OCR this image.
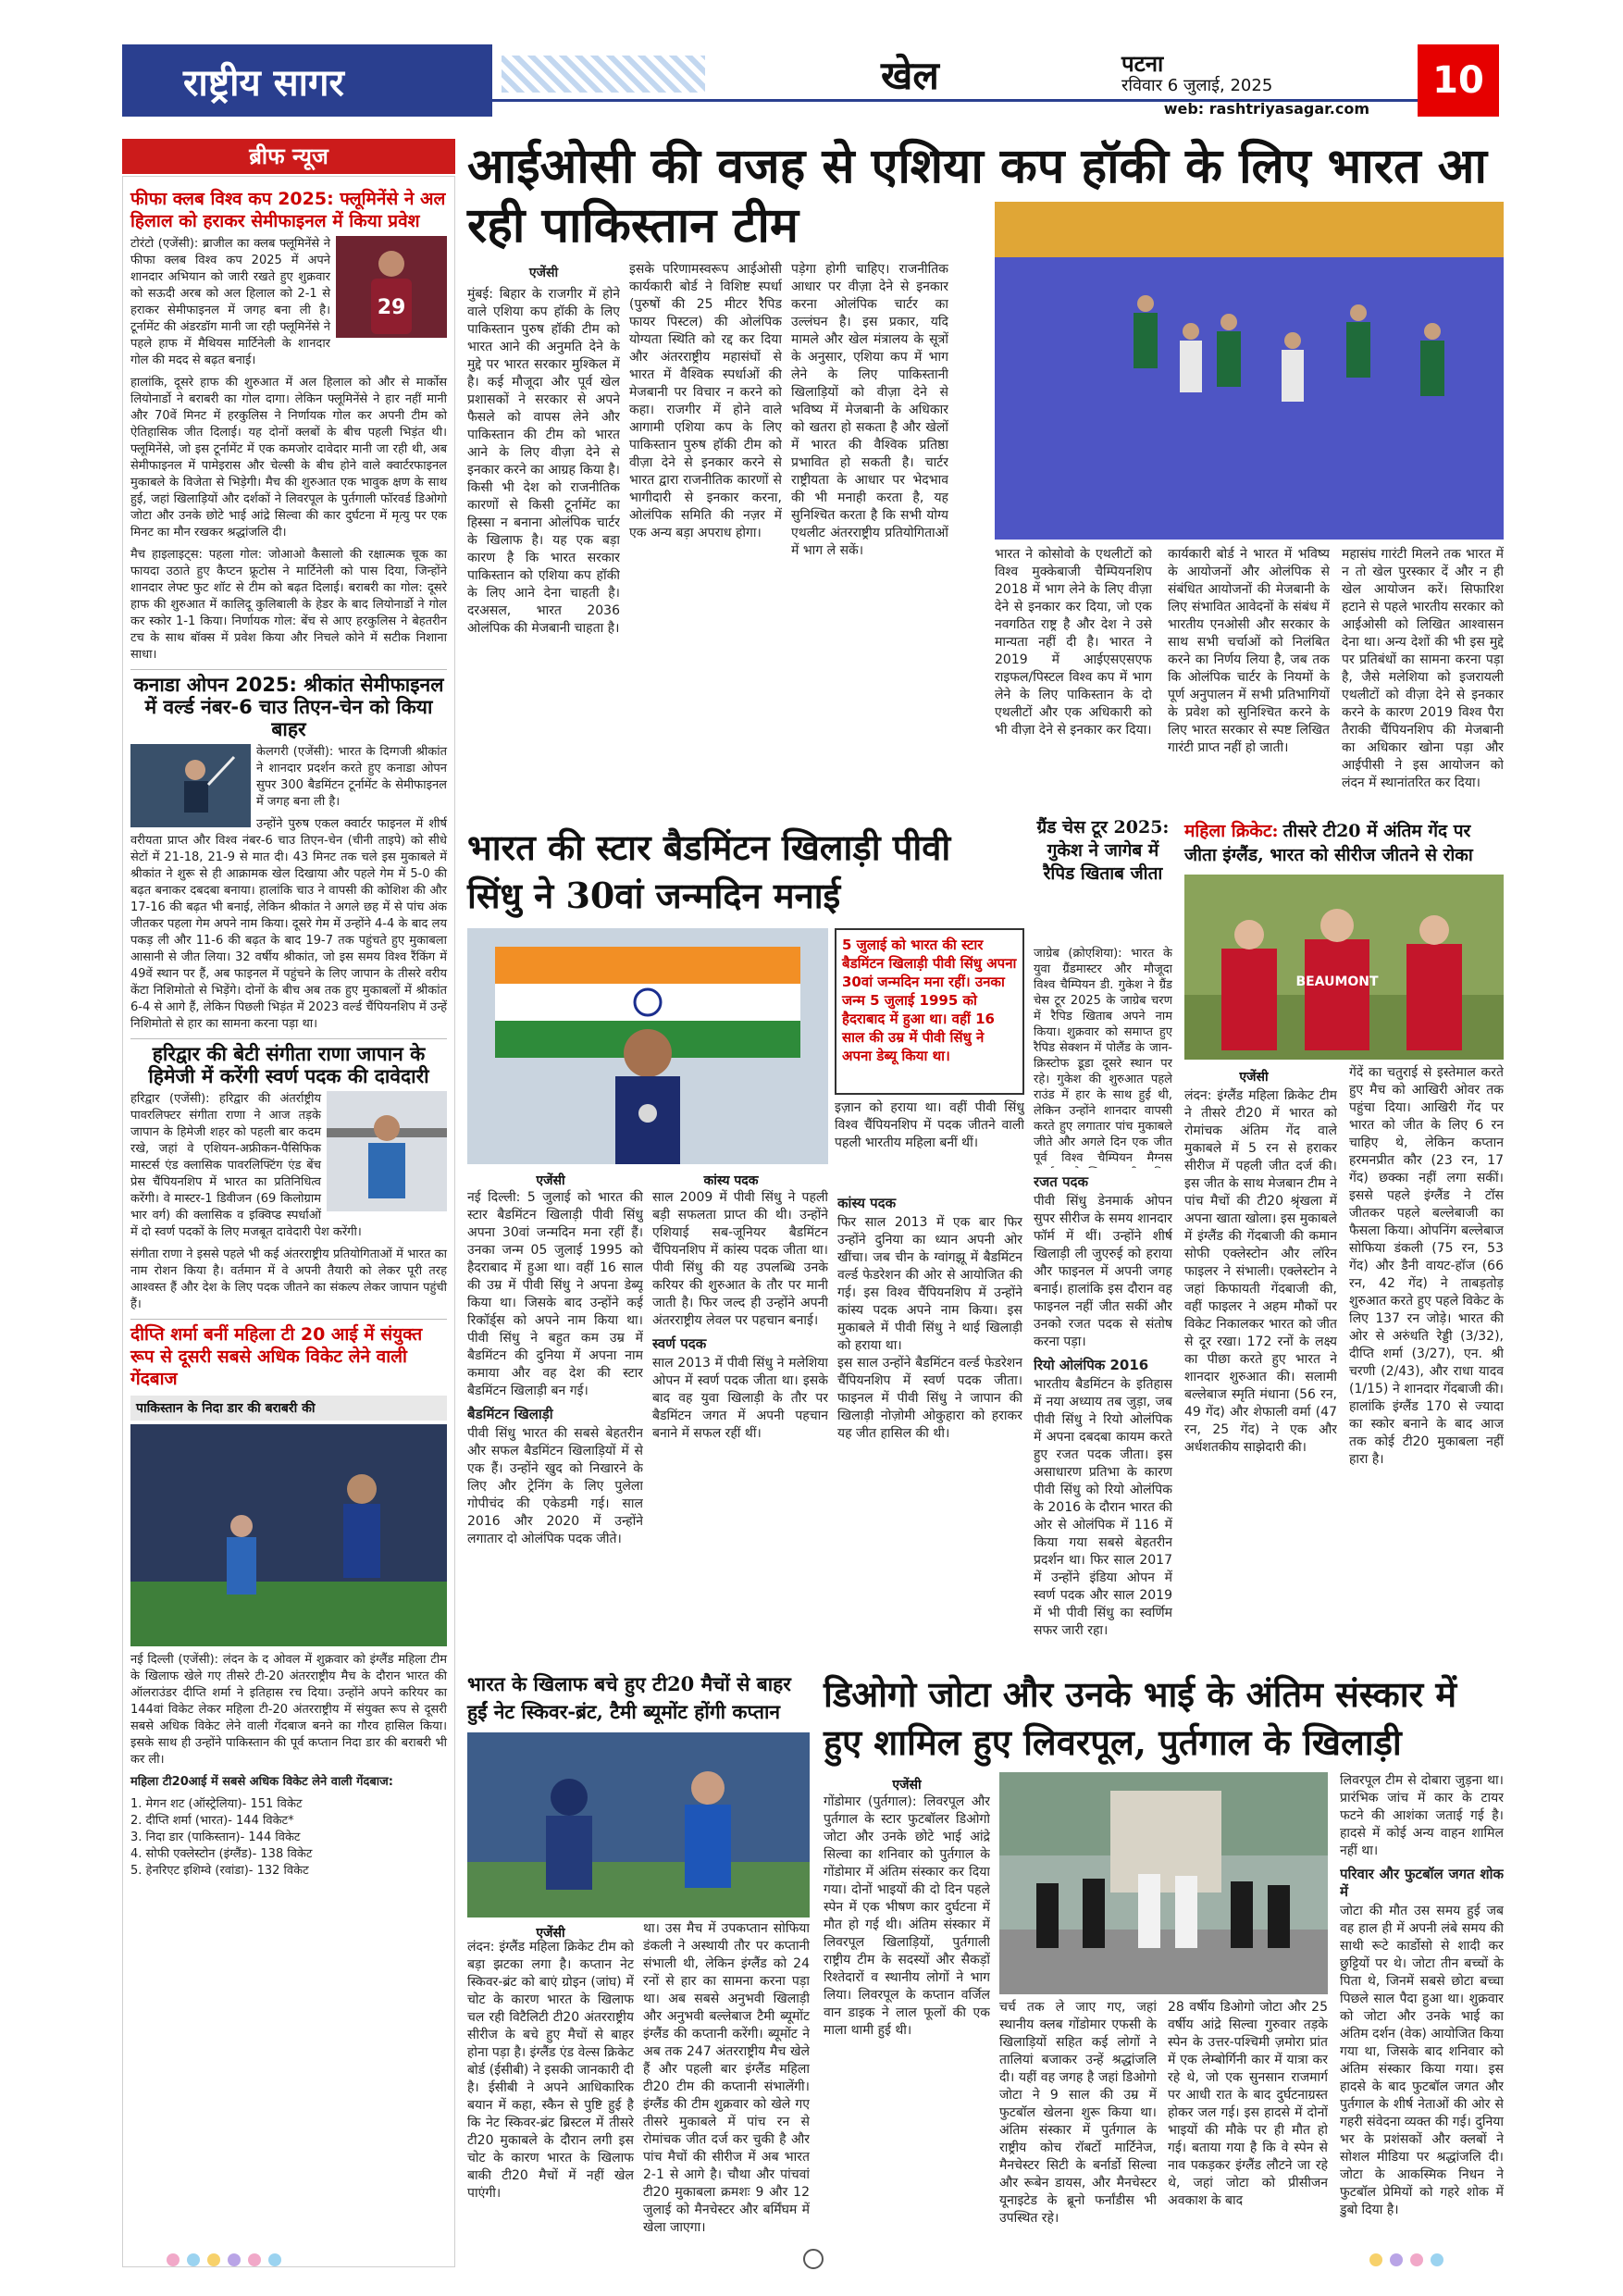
राष्ट्रीय सागर	खेल	पटना
रविवार 6 जुलाई, 2025	10
web: rashtriyasagar.com
ब्रीफ न्यूज
फीफा क्लब विश्व कप 2025: फ्लूमिनेंसे ने अल हिलाल को हराकर सेमीफाइनल में किया प्रवेश
29

टोरंटो (एजेंसी): ब्राजील का क्लब फ्लूमिनेंसे ने फीफा क्लब विश्व कप 2025 में अपने शानदार अभियान को जारी रखते हुए शुक्रवार को सऊदी अरब को अल हिलाल को 2-1 से हराकर सेमीफाइनल में जगह बना ली है। टूर्नामेंट की अंडरडॉग मानी जा रही फ्लूमिनेंसे ने पहले हाफ में मैथियस मार्टिनेली के शानदार गोल की मदद से बढ़त बनाई।

हालांकि, दूसरे हाफ की शुरुआत में अल हिलाल को और से मार्कोस लियोनार्डो ने बराबरी का गोल दागा। लेकिन फ्लूमिनेंसे ने हार नहीं मानी और 70वें मिनट में हरकुलिस ने निर्णायक गोल कर अपनी टीम को ऐतिहासिक जीत दिलाई। यह दोनों क्लबों के बीच पहली भिड़ंत थी। फ्लूमिनेंसे, जो इस टूर्नामेंट में एक कमजोर दावेदार मानी जा रही थी, अब सेमीफाइनल में पामेइरास और चेल्सी के बीच होने वाले क्वार्टरफाइनल मुकाबले के विजेता से भिड़ेगी। मैच की शुरुआत एक भावुक क्षण के साथ हुई, जहां खिलाड़ियों और दर्शकों ने लिवरपूल के पुर्तगाली फॉरवर्ड डिओगो जोटा और उनके छोटे भाई आंद्रे सिल्वा की कार दुर्घटना में मृत्यु पर एक मिनट का मौन रखकर श्रद्धांजलि दी।

मैच हाइलाइट्स: पहला गोल: जोआओ कैसालो की रक्षात्मक चूक का फायदा उठाते हुए कैप्टन फ्रूटोस ने मार्टिनेली को पास दिया, जिन्होंने शानदार लेफ्ट फुट शॉट से टीम को बढ़त दिलाई। बराबरी का गोल: दूसरे हाफ की शुरुआत में कालिदू कुलिबाली के हेडर के बाद लियोनार्डो ने गोल कर स्कोर 1-1 किया। निर्णायक गोल: बेंच से आए हरकुलिस ने बेहतरीन टच के साथ बॉक्स में प्रवेश किया और निचले कोने में सटीक निशाना साधा।

कनाडा ओपन 2025: श्रीकांत सेमीफाइनल में वर्ल्ड नंबर-6 चाउ तिएन-चेन को किया बाहर

केलगरी (एजेंसी): भारत के दिग्गजी श्रीकांत ने शानदार प्रदर्शन करते हुए कनाडा ओपन सुपर 300 बैडमिंटन टूर्नामेंट के सेमीफाइनल में जगह बना ली है।

उन्होंने पुरुष एकल क्वार्टर फाइनल में शीर्ष वरीयता प्राप्त और विश्व नंबर-6 चाउ तिएन-चेन (चीनी ताइपे) को सीधे सेटों में 21-18, 21-9 से मात दी। 43 मिनट तक चले इस मुकाबले में श्रीकांत ने शुरू से ही आक्रामक खेल दिखाया और पहले गेम में 5-0 की बढ़त बनाकर दबदबा बनाया। हालांकि चाउ ने वापसी की कोशिश की और 17-16 की बढ़त भी बनाई, लेकिन श्रीकांत ने अगले छह में से पांच अंक जीतकर पहला गेम अपने नाम किया। दूसरे गेम में उन्होंने 4-4 के बाद लय पकड़ ली और 11-6 की बढ़त के बाद 19-7 तक पहुंचते हुए मुकाबला आसानी से जीत लिया। 32 वर्षीय श्रीकांत, जो इस समय विश्व रैंकिंग में 49वें स्थान पर हैं, अब फाइनल में पहुंचने के लिए जापान के तीसरे वरीय केंटा निशिमोतो से भिड़ेंगे। दोनों के बीच अब तक हुए मुकाबलों में श्रीकांत 6-4 से आगे हैं, लेकिन पिछली भिड़ंत में 2023 वर्ल्ड चैंपियनशिप में उन्हें निशिमोतो से हार का सामना करना पड़ा था।

हरिद्वार की बेटी संगीता राणा जापान के हिमेजी में करेंगी स्वर्ण पदक की दावेदारी

हरिद्वार (एजेंसी): हरिद्वार की अंतर्राष्ट्रीय पावरलिफ्टर संगीता राणा ने आज तड़के जापान के हिमेजी शहर को पहली बार कदम रखे, जहां वे एशियन-अफ्रीकन-पैसिफिक मास्टर्स एंड क्लासिक पावरलिफ्टिंग एंड बेंच प्रेस चैंपियनशिप में भारत का प्रतिनिधित्व करेंगी। वे मास्टर-1 डिवीजन (69 किलोग्राम भार वर्ग) की क्लासिक व इक्विप्ड स्पर्धाओं में दो स्वर्ण पदकों के लिए मजबूत दावेदारी पेश करेंगी।

संगीता राणा ने इससे पहले भी कई अंतरराष्ट्रीय प्रतियोगिताओं में भारत का नाम रोशन किया है। वर्तमान में वे अपनी तैयारी को लेकर पूरी तरह आश्वस्त हैं और देश के लिए पदक जीतने का संकल्प लेकर जापान पहुंची हैं।

दीप्ति शर्मा बनीं महिला टी 20 आई में संयुक्त रूप से दूसरी सबसे अधिक विकेट लेने वाली गेंदबाज
पाकिस्तान के निदा डार की बराबरी की

नई दिल्ली (एजेंसी): लंदन के द ओवल में शुक्रवार को इंग्लैंड महिला टीम के खिलाफ खेले गए तीसरे टी-20 अंतरराष्ट्रीय मैच के दौरान भारत की ऑलराउंडर दीप्ति शर्मा ने इतिहास रच दिया। उन्होंने अपने करियर का 144वां विकेट लेकर महिला टी-20 अंतरराष्ट्रीय में संयुक्त रूप से दूसरी सबसे अधिक विकेट लेने वाली गेंदबाज बनने का गौरव हासिल किया। इसके साथ ही उन्होंने पाकिस्तान की पूर्व कप्तान निदा डार की बराबरी भी कर ली।

महिला टी20आई में सबसे अधिक विकेट लेने वाली गेंदबाज:

1. मेगन शट (ऑस्ट्रेलिया)- 151 विकेट
2. दीप्ति शर्मा (भारत)- 144 विकेट*
3. निदा डार (पाकिस्तान)- 144 विकेट
4. सोफी एक्लेस्टोन (इंग्लैंड)- 138 विकेट
5. हेनरिएट इशिम्वे (रवांडा)- 132 विकेट
आईओसी की वजह से एशिया कप हॉकी के लिए भारत आ रही पाकिस्तान टीम
एजेंसी
मुंबई: बिहार के राजगीर में होने वाले एशिया कप हॉकी के लिए पाकिस्तान पुरुष हॉकी टीम को भारत आने की अनुमति देने के मुद्दे पर भारत सरकार मुश्किल में है। कई मौजूदा और पूर्व खेल प्रशासकों ने सरकार से अपने फैसले को वापस लेने और पाकिस्तान की टीम को भारत आने के लिए वीज़ा देने से इनकार करने का आग्रह किया है। किसी भी देश को राजनीतिक कारणों से किसी टूर्नामेंट का हिस्सा न बनाना ओलंपिक चार्टर के खिलाफ है। यह एक बड़ा कारण है कि भारत सरकार पाकिस्तान को एशिया कप हॉकी के लिए आने देना चाहती है। दरअसल, भारत 2036 ओलंपिक की मेजबानी चाहता है।
इसके परिणामस्वरूप आईओसी कार्यकारी बोर्ड ने विशिष्ट स्पर्धा (पुरुषों की 25 मीटर रैपिड फायर पिस्टल) की ओलंपिक योग्यता स्थिति को रद्द कर दिया और अंतरराष्ट्रीय महासंघों से भारत में वैश्विक स्पर्धाओं की मेजबानी पर विचार न करने को कहा। राजगीर में होने वाले आगामी एशिया कप के लिए पाकिस्तान पुरुष हॉकी टीम को वीज़ा देने से इनकार करने से भारत द्वारा राजनीतिक कारणों से भागीदारी से इनकार करना, ओलंपिक समिति की नज़र में एक अन्य बड़ा अपराध होगा।
पड़ेगा होगी चाहिए। राजनीतिक आधार पर वीज़ा देने से इनकार करना ओलंपिक चार्टर का उल्लंघन है। इस प्रकार, यदि मामले और खेल मंत्रालय के सूत्रों के अनुसार, एशिया कप में भाग लेने के लिए पाकिस्तानी खिलाड़ियों को वीज़ा देने से भविष्य में मेजबानी के अधिकार को खतरा हो सकता है और खेलों में भारत की वैश्विक प्रतिष्ठा प्रभावित हो सकती है। चार्टर राष्ट्रीयता के आधार पर भेदभाव की भी मनाही करता है, यह सुनिश्चित करता है कि सभी योग्य एथलीट अंतरराष्ट्रीय प्रतियोगिताओं में भाग ले सकें।	भारत ने कोसोवो के एथलीटों को विश्व मुक्केबाजी चैम्पियनशिप 2018 में भाग लेने के लिए वीज़ा देने से इनकार कर दिया, जो एक नवगठित राष्ट्र है और देश ने उसे मान्यता नहीं दी है। भारत ने 2019 में आईएसएसएफ राइफल/पिस्टल विश्व कप में भाग लेने के लिए पाकिस्तान के दो एथलीटों और एक अधिकारी को भी वीज़ा देने से इनकार कर दिया।
कार्यकारी बोर्ड ने भारत में भविष्य के आयोजनों और ओलंपिक से संबंधित आयोजनों की मेजबानी के लिए संभावित आवेदनों के संबंध में भारतीय एनओसी और सरकार के साथ सभी चर्चाओं को निलंबित करने का निर्णय लिया है, जब तक कि ओलंपिक चार्टर के नियमों के पूर्ण अनुपालन में सभी प्रतिभागियों के प्रवेश को सुनिश्चित करने के लिए भारत सरकार से स्पष्ट लिखित गारंटी प्राप्त नहीं हो जाती।
महासंघ गारंटी मिलने तक भारत में न तो खेल पुरस्कार दें और न ही खेल आयोजन करें। सिफारिश हटाने से पहले भारतीय सरकार को आईओसी को लिखित आश्वासन देना था। अन्य देशों की भी इस मुद्दे पर प्रतिबंधों का सामना करना पड़ा है, जैसे मलेशिया को इजरायली एथलीटों को वीज़ा देने से इनकार करने के कारण 2019 विश्व पैरा तैराकी चैंपियनशिप की मेजबानी का अधिकार खोना पड़ा और आईपीसी ने इस आयोजन को लंदन में स्थानांतरित कर दिया।
भारत की स्टार बैडमिंटन खिलाड़ी पीवी सिंधु ने 30वां जन्मदिन मनाई
5 जुलाई को भारत की स्टार बैडमिंटन खिलाड़ी पीवी सिंधु अपना 30वां जन्मदिन मना रहीं। उनका जन्म 5 जुलाई 1995 को हैदराबाद में हुआ था। वहीं 16 साल की उम्र में पीवी सिंधु ने अपना डेब्यू किया था।
इज़ान को हराया था। वहीं पीवी सिंधु विश्व चैंपियनशिप में पदक जीतने वाली पहली भारतीय महिला बनीं थीं।
एजेंसी	कांस्य पदक
नई दिल्ली: 5 जुलाई को भारत की स्टार बैडमिंटन खिलाड़ी पीवी सिंधु अपना 30वां जन्मदिन मना रहीं हैं। उनका जन्म 05 जुलाई 1995 को हैदराबाद में हुआ था। वहीं 16 साल की उम्र में पीवी सिंधु ने अपना डेब्यू किया था। जिसके बाद उन्होंने कई रिकॉर्ड्स को अपने नाम किया था। पीवी सिंधु ने बहुत कम उम्र में बैडमिंटन की दुनिया में अपना नाम कमाया और वह देश की स्टार बैडमिंटन खिलाड़ी बन गई।
बैडमिंटन खिलाड़ी
पीवी सिंधु भारत की सबसे बेहतरीन और सफल बैडमिंटन खिलाड़ियों में से एक हैं। उन्होंने खुद को निखारने के लिए और ट्रेनिंग के लिए पुलेला गोपीचंद की एकेडमी गई। साल 2016 और 2020 में उन्होंने लगातार दो ओलंपिक पदक जीते।
साल 2009 में पीवी सिंधु ने पहली बड़ी सफलता प्राप्त की थी। उन्होंने एशियाई सब-जूनियर बैडमिंटन चैंपियनशिप में कांस्य पदक जीता था। पीवी सिंधु की यह उपलब्धि उनके करियर की शुरुआत के तौर पर मानी जाती है। फिर जल्द ही उन्होंने अपनी अंतरराष्ट्रीय लेवल पर पहचान बनाई।
स्वर्ण पदक
साल 2013 में पीवी सिंधु ने मलेशिया ओपन में स्वर्ण पदक जीता था। इसके बाद वह युवा खिलाड़ी के तौर पर बैडमिंटन जगत में अपनी पहचान बनाने में सफल रहीं थीं।
कांस्य पदक
फिर साल 2013 में एक बार फिर उन्होंने दुनिया का ध्यान अपनी ओर खींचा। जब चीन के ग्वांगझू में बैडमिंटन वर्ल्ड फेडरेशन की ओर से आयोजित की गई। इस विश्व चैंपियनशिप में उन्होंने कांस्य पदक अपने नाम किया। इस मुकाबले में पीवी सिंधु ने थाई खिलाड़ी को हराया था।
इस साल उन्होंने बैडमिंटन वर्ल्ड फेडरेशन चैंपियनशिप में स्वर्ण पदक जीता। फाइनल में पीवी सिंधु ने जापान की खिलाड़ी नोज़ोमी ओकुहारा को हराकर यह जीत हासिल की थी।
रजत पदक
पीवी सिंधु डेनमार्क ओपन सुपर सीरीज के समय शानदार फॉर्म में थीं। उन्होंने शीर्ष खिलाड़ी ली जुएरुई को हराया और फाइनल में अपनी जगह बनाई। हालांकि इस दौरान वह फाइनल नहीं जीत सकीं और उनको रजत पदक से संतोष करना पड़ा।
रियो ओलंपिक 2016
भारतीय बैडमिंटन के इतिहास में नया अध्याय तब जुड़ा, जब पीवी सिंधु ने रियो ओलंपिक में अपना दबदबा कायम करते हुए रजत पदक जीता। इस असाधारण प्रतिभा के कारण पीवी सिंधु को रियो ओलंपिक के 2016 के दौरान भारत की ओर से ओलंपिक में 116 में किया गया सबसे बेहतरीन प्रदर्शन था। फिर साल 2017 में उन्होंने इंडिया ओपन में स्वर्ण पदक और साल 2019 में भी पीवी सिंधु का स्वर्णिम सफर जारी रहा।
ग्रैंड चेस टूर 2025: गुकेश ने जागेब में रैपिड खिताब जीता
जाग्रेब (क्रोएशिया): भारत के युवा ग्रैंडमास्टर और मौजूदा विश्व चैम्पियन डी. गुकेश ने ग्रैंड चेस टूर 2025 के जाग्रेब चरण में रैपिड खिताब अपने नाम किया। शुक्रवार को समाप्त हुए रैपिड सेक्शन में पोलैंड के जान-क्रिस्टोफ डूडा दूसरे स्थान पर रहे। गुकेश की शुरुआत पहले राउंड में हार के साथ हुई थी, लेकिन उन्होंने शानदार वापसी करते हुए लगातार पांच मुकाबले जीते और अगले दिन एक जीत पूर्व विश्व चैम्पियन मैग्नस
महिला क्रिकेट: तीसरे टी20 में अंतिम गेंद पर जीता इंग्लैंड, भारत को सीरीज जीतने से रोका
BEAUMONT
एजेंसी
लंदन: इंग्लैंड महिला क्रिकेट टीम ने तीसरे टी20 में भारत को रोमांचक अंतिम गेंद वाले मुकाबले में 5 रन से हराकर सीरीज में पहली जीत दर्ज की। इस जीत के साथ मेजबान टीम ने पांच मैचों की टी20 श्रृंखला में अपना खाता खोला। इस मुकाबले में इंग्लैंड की गेंदबाजी की कमान सोफी एक्लेस्टोन और लॉरेन फाइलर ने संभाली। एक्लेस्टोन ने जहां किफायती गेंदबाजी की, वहीं फाइलर ने अहम मौकों पर विकेट निकालकर भारत को जीत से दूर रखा। 172 रनों के लक्ष्य का पीछा करते हुए भारत ने शानदार शुरुआत की। सलामी बल्लेबाज स्मृति मंधाना (56 रन, 49 गेंद) और शेफाली वर्मा (47 रन, 25 गेंद) ने एक और अर्धशतकीय साझेदारी की।
गेंदें का चतुराई से इस्तेमाल करते हुए मैच को आखिरी ओवर तक पहुंचा दिया। आखिरी गेंद पर भारत को जीत के लिए 6 रन चाहिए थे, लेकिन कप्तान हरमनप्रीत कौर (23 रन, 17 गेंद) छक्का नहीं लगा सकीं। इससे पहले इंग्लैंड ने टॉस जीतकर पहले बल्लेबाजी का फैसला किया। ओपनिंग बल्लेबाज सोफिया डंकली (75 रन, 53 गेंद) और डैनी वायट-हॉज (66 रन, 42 गेंद) ने ताबड़तोड़ शुरुआत करते हुए पहले विकेट के लिए 137 रन जोड़े। भारत की ओर से अरुंधति रेड्डी (3/32), दीप्ति शर्मा (3/27), एन. श्री चरणी (2/43), और राधा यादव (1/15) ने शानदार गेंदबाजी की। हालांकि इंग्लैंड 170 से ज्यादा का स्कोर बनाने के बाद आज तक कोई टी20 मुकाबला नहीं हारा है।
भारत के खिलाफ बचे हुए टी20 मैचों से बाहर हुईं नेट स्किवर-ब्रंट, टैमी ब्यूमोंट होंगी कप्तान
एजेंसी
लंदन: इंग्लैंड महिला क्रिकेट टीम को बड़ा झटका लगा है। कप्तान नेट स्किवर-ब्रंट को बाएं ग्रोइन (जांघ) में चोट के कारण भारत के खिलाफ चल रही विटैलिटी टी20 अंतरराष्ट्रीय सीरीज के बचे हुए मैचों से बाहर होना पड़ा है। इंग्लैंड एंड वेल्स क्रिकेट बोर्ड (ईसीबी) ने इसकी जानकारी दी है। ईसीबी ने अपने आधिकारिक बयान में कहा, स्कैन से पुष्टि हुई है कि नेट स्किवर-ब्रंट ब्रिस्टल में तीसरे टी20 मुकाबले के दौरान लगी इस चोट के कारण भारत के खिलाफ बाकी टी20 मैचों में नहीं खेल पाएंगी।
था। उस मैच में उपकप्तान सोफिया डंकली ने अस्थायी तौर पर कप्तानी संभाली थी, लेकिन इंग्लैंड को 24 रनों से हार का सामना करना पड़ा था। अब सबसे अनुभवी खिलाड़ी और अनुभवी बल्लेबाज टैमी ब्यूमोंट इंग्लैंड की कप्तानी करेंगी। ब्यूमोंट ने अब तक 247 अंतरराष्ट्रीय मैच खेले हैं और पहली बार इंग्लैंड महिला टी20 टीम की कप्तानी संभालेंगी। इंग्लैंड की टीम शुक्रवार को खेले गए तीसरे मुकाबले में पांच रन से रोमांचक जीत दर्ज कर चुकी है और पांच मैचों की सीरीज में अब भारत 2-1 से आगे है। चौथा और पांचवां टी20 मुकाबला क्रमशः 9 और 12 जुलाई को मैनचेस्टर और बर्मिंघम में खेला जाएगा।
डिओगो जोटा और उनके भाई के अंतिम संस्कार में हुए शामिल हुए लिवरपूल, पुर्तगाल के खिलाड़ी
एजेंसी
गोंडोमार (पुर्तगाल): लिवरपूल और पुर्तगाल के स्टार फुटबॉलर डिओगो जोटा और उनके छोटे भाई आंद्रे सिल्वा का शनिवार को पुर्तगाल के गोंडोमार में अंतिम संस्कार कर दिया गया। दोनों भाइयों की दो दिन पहले स्पेन में एक भीषण कार दुर्घटना में मौत हो गई थी। अंतिम संस्कार में लिवरपूल खिलाड़ियों, पुर्तगाली राष्ट्रीय टीम के सदस्यों और सैकड़ों रिश्तेदारों व स्थानीय लोगों ने भाग लिया। लिवरपूल के कप्तान वर्जिल वान डाइक ने लाल फूलों की एक माला थामी हुई थी।
चर्च तक ले जाए गए, जहां स्थानीय क्लब गोंडोमार एफसी के खिलाड़ियों सहित कई लोगों ने तालियां बजाकर उन्हें श्रद्धांजलि दी। यहीं वह जगह है जहां डिओगो जोटा ने 9 साल की उम्र में फुटबॉल खेलना शुरू किया था। अंतिम संस्कार में पुर्तगाल के राष्ट्रीय कोच रॉबर्टो मार्टिनेज, मैनचेस्टर सिटी के बर्नार्डो सिल्वा और रूबेन डायस, और मैनचेस्टर यूनाइटेड के ब्रूनो फर्नांडीस भी उपस्थित रहे।
28 वर्षीय डिओगो जोटा और 25 वर्षीय आंद्रे सिल्वा गुरुवार तड़के स्पेन के उत्तर-पश्चिमी ज़मोरा प्रांत में एक लेम्बोर्गिनी कार में यात्रा कर रहे थे, जो एक सुनसान राजमार्ग पर आधी रात के बाद दुर्घटनाग्रस्त होकर जल गई। इस हादसे में दोनों भाइयों की मौके पर ही मौत हो गई। बताया गया है कि वे स्पेन से नाव पकड़कर इंग्लैंड लौटने जा रहे थे, जहां जोटा को प्रीसीजन अवकाश के बाद
लिवरपूल टीम से दोबारा जुड़ना था। प्रारंभिक जांच में कार के टायर फटने की आशंका जताई गई है। हादसे में कोई अन्य वाहन शामिल नहीं था।
परिवार और फुटबॉल जगत शोक में
जोटा की मौत उस समय हुई जब वह हाल ही में अपनी लंबे समय की साथी रूटे कार्डोसो से शादी कर छुट्टियों पर थे। जोटा तीन बच्चों के पिता थे, जिनमें सबसे छोटा बच्चा पिछले साल पैदा हुआ था। शुक्रवार को जोटा और उनके भाई का अंतिम दर्शन (वेक) आयोजित किया गया था, जिसके बाद शनिवार को अंतिम संस्कार किया गया। इस हादसे के बाद फुटबॉल जगत और पुर्तगाल के शीर्ष नेताओं की ओर से गहरी संवेदना व्यक्त की गई। दुनिया भर के प्रशंसकों और क्लबों ने सोशल मीडिया पर श्रद्धांजलि दी। जोटा के आकस्मिक निधन ने फुटबॉल प्रेमियों को गहरे शोक में डुबो दिया है।
